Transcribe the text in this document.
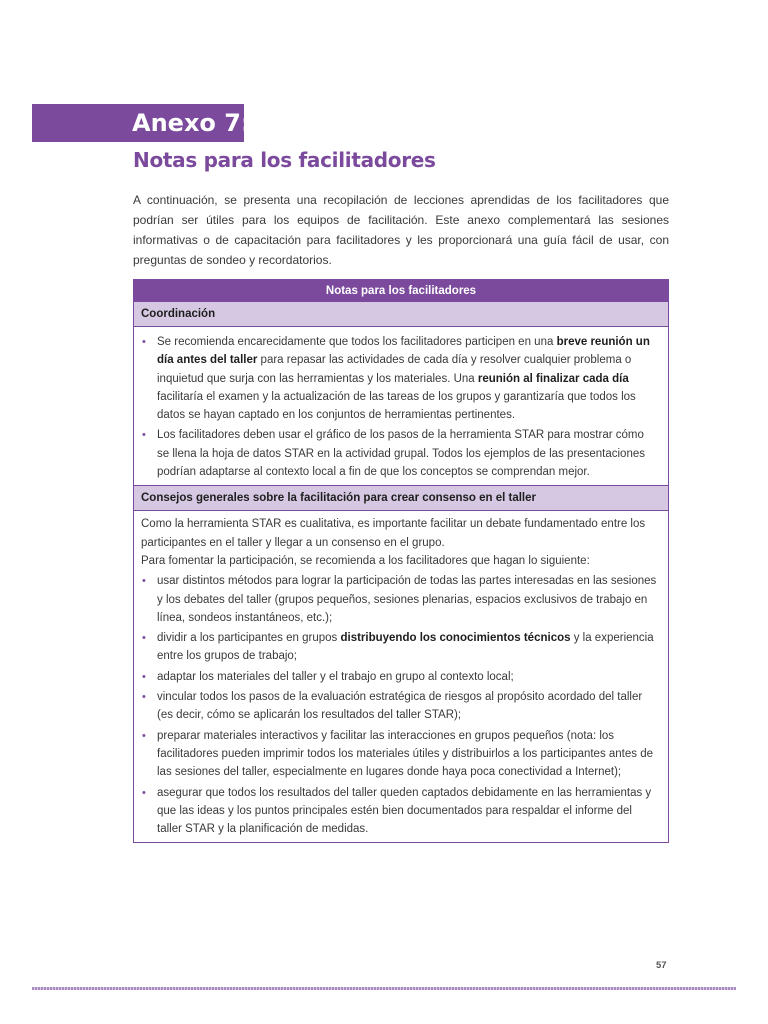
Anexo 7:
Notas para los facilitadores

A continuación, se presenta una recopilación de lecciones aprendidas de los facilitadores que podrían ser útiles para los equipos de facilitación. Este anexo complementará las sesiones informativas o de capacitación para facilitadores y les proporcionará una guía fácil de usar, con preguntas de sondeo y recordatorios.

Notas para los facilitadores
Coordinación
• Se recomienda encarecidamente que todos los facilitadores participen en una breve reunión un día antes del taller para repasar las actividades de cada día y resolver cualquier problema o inquietud que surja con las herramientas y los materiales. Una reunión al finalizar cada día facilitaría el examen y la actualización de las tareas de los grupos y garantizaría que todos los datos se hayan captado en los conjuntos de herramientas pertinentes.
• Los facilitadores deben usar el gráfico de los pasos de la herramienta STAR para mostrar cómo se llena la hoja de datos STAR en la actividad grupal. Todos los ejemplos de las presentaciones podrían adaptarse al contexto local a fin de que los conceptos se comprendan mejor.
Consejos generales sobre la facilitación para crear consenso en el taller

Como la herramienta STAR es cualitativa, es importante facilitar un debate fundamentado entre los participantes en el taller y llegar a un consenso en el grupo.

Para fomentar la participación, se recomienda a los facilitadores que hagan lo siguiente:

• usar distintos métodos para lograr la participación de todas las partes interesadas en las sesiones y los debates del taller (grupos pequeños, sesiones plenarias, espacios exclusivos de trabajo en línea, sondeos instantáneos, etc.);
• dividir a los participantes en grupos distribuyendo los conocimientos técnicos y la experiencia entre los grupos de trabajo;
• adaptar los materiales del taller y el trabajo en grupo al contexto local;
• vincular todos los pasos de la evaluación estratégica de riesgos al propósito acordado del taller (es decir, cómo se aplicarán los resultados del taller STAR);
• preparar materiales interactivos y facilitar las interacciones en grupos pequeños (nota: los facilitadores pueden imprimir todos los materiales útiles y distribuirlos a los participantes antes de las sesiones del taller, especialmente en lugares donde haya poca conectividad a Internet);
• asegurar que todos los resultados del taller queden captados debidamente en las herramientas y que las ideas y los puntos principales estén bien documentados para respaldar el informe del taller STAR y la planificación de medidas.
57
